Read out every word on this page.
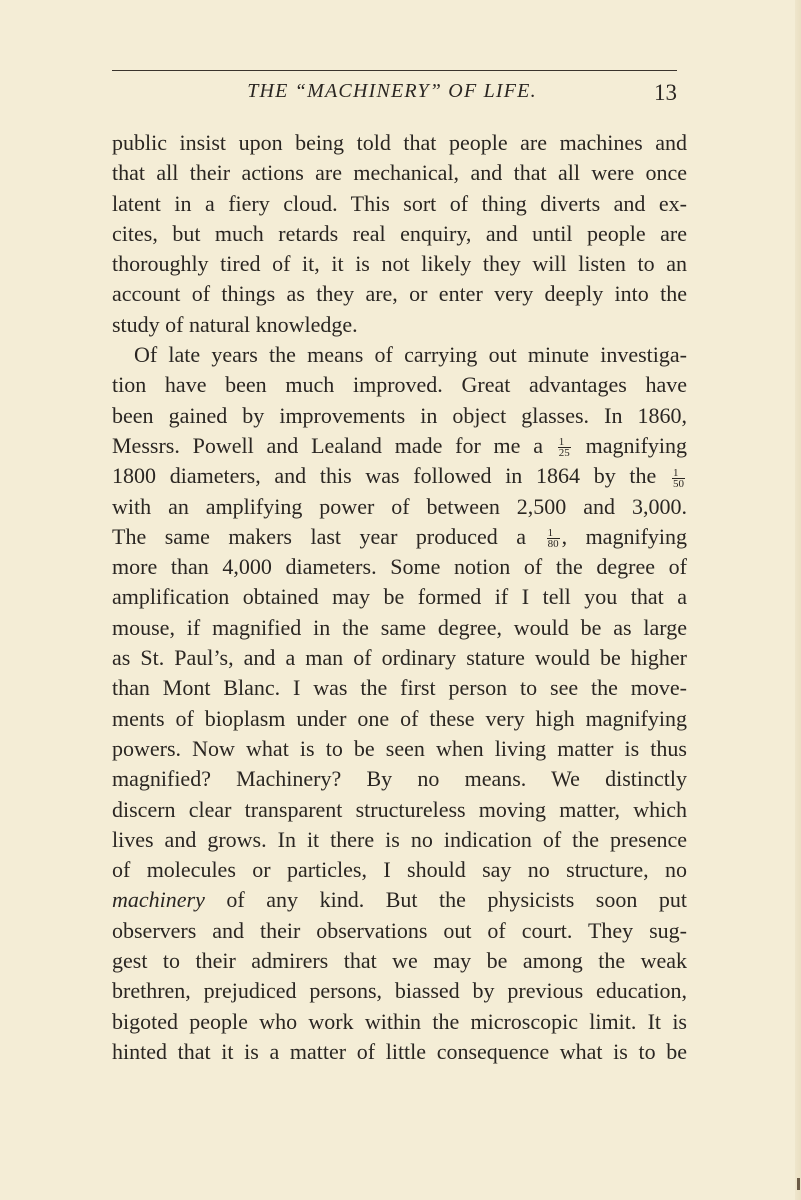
THE “MACHINERY” OF LIFE.	13
public insist upon being told that people are machines and
that all their actions are mechanical, and that all were once
latent in a fiery cloud. This sort of thing diverts and ex-
cites, but much retards real enquiry, and until people are
thoroughly tired of it, it is not likely they will listen to an
account of things as they are, or enter very deeply into the
study of natural knowledge.
Of late years the means of carrying out minute investiga-
tion have been much improved. Great advantages have
been gained by improvements in object glasses. In 1860,
Messrs. Powell and Lealand made for me a $\frac{1}{25}$ magnifying
1800 diameters, and this was followed in 1864 by the $\frac{1}{50}$
with an amplifying power of between 2,500 and 3,000.
The same makers last year produced a $\frac{1}{80}$ , magnifying
more than 4,000 diameters. Some notion of the degree of
amplification obtained may be formed if I tell you that a
mouse, if magnified in the same degree, would be as large
as St. Paul’s, and a man of ordinary stature would be higher
than Mont Blanc. I was the first person to see the move-
ments of bioplasm under one of these very high magnifying
powers. Now what is to be seen when living matter is thus
magnified? Machinery? By no means. We distinctly
discern clear transparent structureless moving matter, which
lives and grows. In it there is no indication of the presence
of molecules or particles, I should say no structure, no
machinery of any kind. But the physicists soon put
observers and their observations out of court. They sug-
gest to their admirers that we may be among the weak
brethren, prejudiced persons, biassed by previous education,
bigoted people who work within the microscopic limit. It is
hinted that it is a matter of little consequence what is to be
